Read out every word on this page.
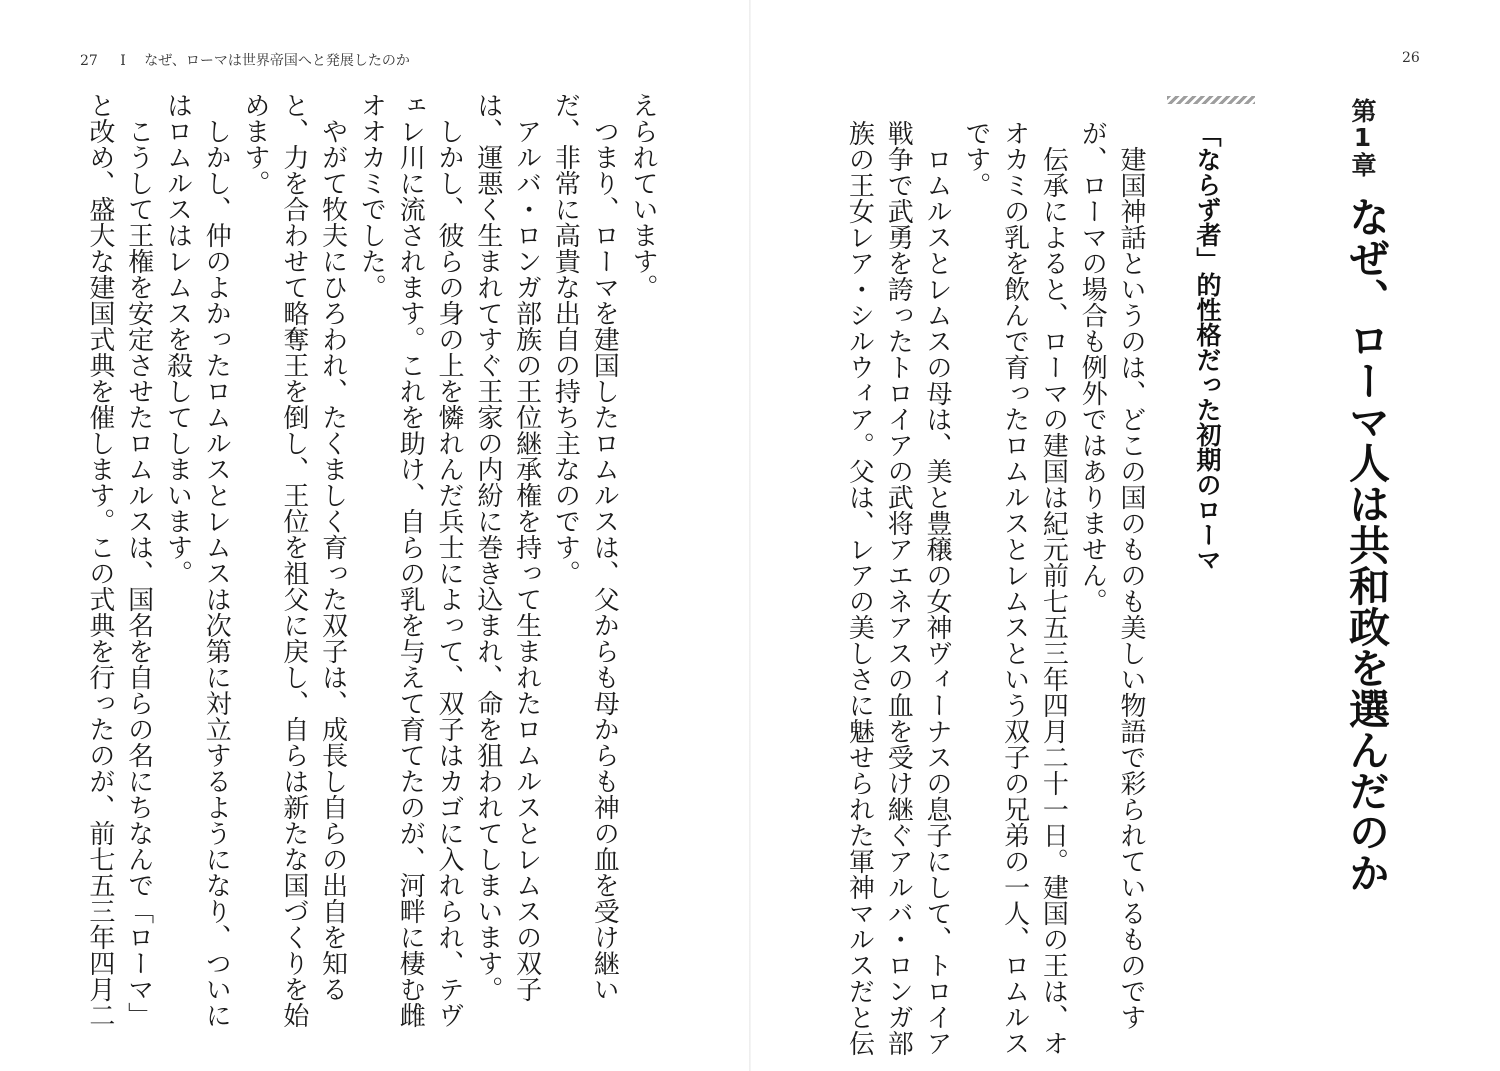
27 I なぜ、ローマは世界帝国へと発展したのか	26
第1章
なぜ、ローマ人は共和政を選んだのか
「ならず者」的性格だった初期のローマ
　建国神話というのは、どこの国のものも美しい物語で彩られているものです
が、ローマの場合も例外ではありません。
　伝承によると、ローマの建国は紀元前七五三年四月二十一日。建国の王は、オ
オカミの乳を飲んで育ったロムルスとレムスという双子の兄弟の一人、ロムルス
です。
　ロムルスとレムスの母は、美と豊穣の女神ヴィーナスの息子にして、トロイア
戦争で武勇を誇ったトロイアの武将アエネアスの血を受け継ぐアルバ・ロンガ部
族の王女レア・シルウィア。父は、レアの美しさに魅せられた軍神マルスだと伝
えられています。
　つまり、ローマを建国したロムルスは、父からも母からも神の血を受け継い
だ、非常に高貴な出自の持ち主なのです。
　アルバ・ロンガ部族の王位継承権を持って生まれたロムルスとレムスの双子
は、運悪く生まれてすぐ王家の内紛に巻き込まれ、命を狙われてしまいます。
　しかし、彼らの身の上を憐れんだ兵士によって、双子はカゴに入れられ、テヴ
ェレ川に流されます。これを助け、自らの乳を与えて育てたのが、河畔に棲む雌
オオカミでした。
　やがて牧夫にひろわれ、たくましく育った双子は、成長し自らの出自を知る
と、力を合わせて略奪王を倒し、王位を祖父に戻し、自らは新たな国づくりを始
めます。
　しかし、仲のよかったロムルスとレムスは次第に対立するようになり、ついに
はロムルスはレムスを殺してしまいます。
　こうして王権を安定させたロムルスは、国名を自らの名にちなんで「ローマ」
と改め、盛大な建国式典を催します。この式典を行ったのが、前七五三年四月二
